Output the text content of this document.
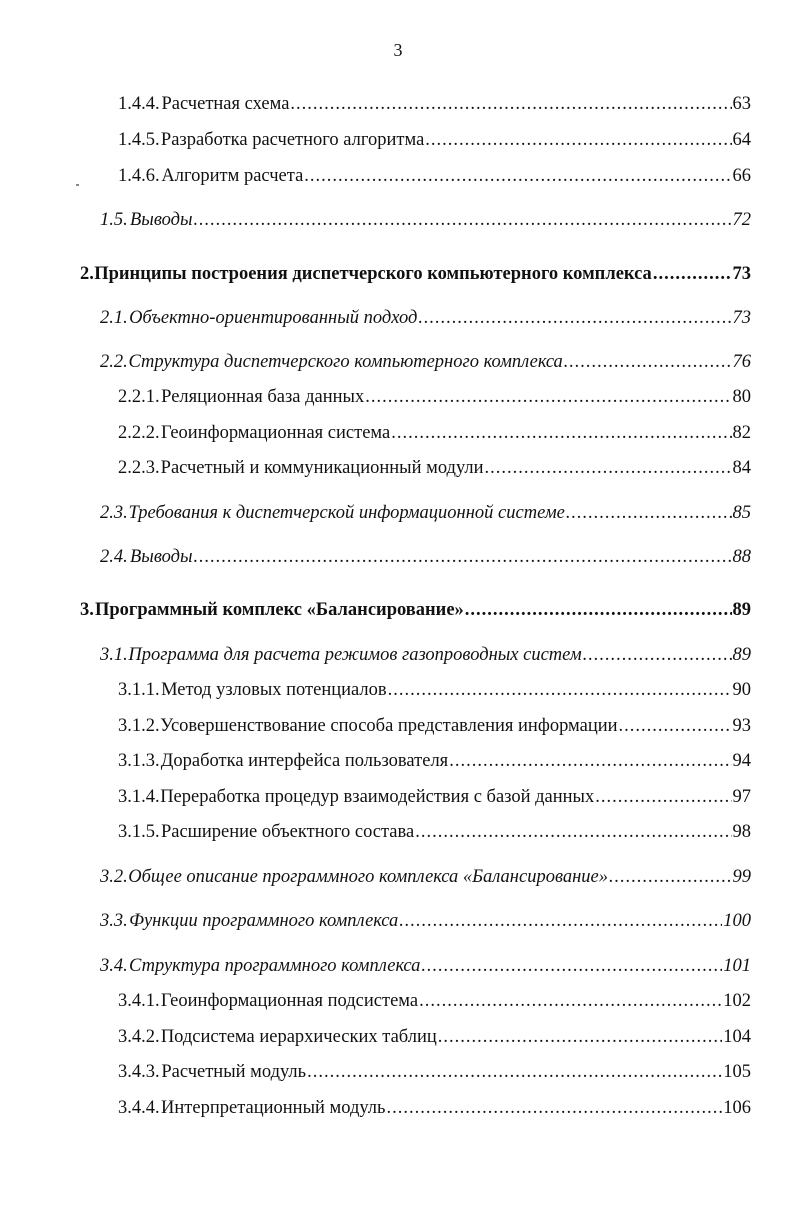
3
1.4.4. Расчетная схема .....	63
1.4.5. Разработка расчетного алгоритма .....	64
1.4.6. Алгоритм расчета .....	66
1.5. Выводы .....	72
2. Принципы построения диспетчерского компьютерного комплекса .....	73
2.1. Объектно-ориентированный подход .....	73
2.2. Структура диспетчерского компьютерного комплекса .....	76
2.2.1. Реляционная база данных .....	80
2.2.2. Геоинформационная система .....	82
2.2.3. Расчетный и коммуникационный модули .....	84
2.3. Требования к диспетчерской информационной системе .....	85
2.4. Выводы .....	88
3. Программный комплекс «Балансирование» .....	89
3.1. Программа для расчета режимов газопроводных систем .....	89
3.1.1. Метод узловых потенциалов .....	90
3.1.2. Усовершенствование способа представления информации .....	93
3.1.3. Доработка интерфейса пользователя .....	94
3.1.4. Переработка процедур взаимодействия с базой данных .....	97
3.1.5. Расширение объектного состава .....	98
3.2. Общее описание программного комплекса «Балансирование» .....	99
3.3. Функции программного комплекса .....	100
3.4. Структура программного комплекса .....	101
3.4.1. Геоинформационная подсистема .....	102
3.4.2. Подсистема иерархических таблиц .....	104
3.4.3. Расчетный модуль .....	105
3.4.4. Интерпретационный модуль .....	106
